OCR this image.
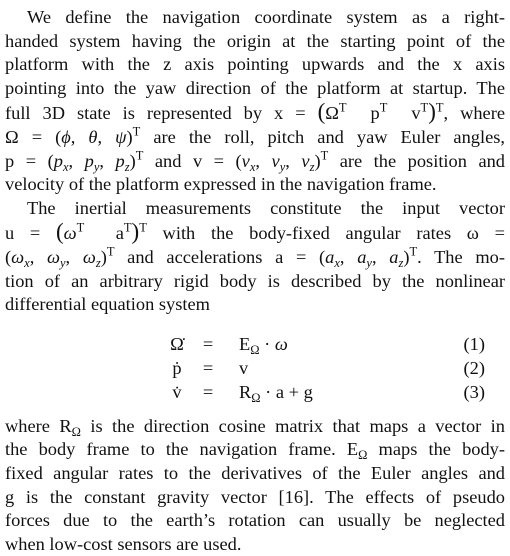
We define the navigation coordinate system as a right-
handed system having the origin at the starting point of the
platform with the z axis pointing upwards and the x axis
pointing into the yaw direction of the platform at startup. The
full 3D state is represented by $x = (\Omega^T$  $p^T$  $v^T)^T$, where
Ω = (ϕ, θ, ψ)$^T$ are the roll, pitch and yaw Euler angles,
$p = (p_x$, $p_y$, $p_z)^T$ and $v = (v_x$, $v_y$, $v_z)^T$ are the position and
velocity of the platform expressed in the navigation frame.

The inertial measurements constitute the input vector
$u = (\omega^T$  $a^T)^T$ with the body-fixed angular rates ω =
($\omega_x$, $\omega_y$, $\omega_z)^T$ and accelerations $a = (a_x$, $a_y$, $a_z)^T$. The mo-
tion of an arbitrary rigid body is described by the nonlinear
differential equation system

Ω̇ = $E_\Omega \cdot \omega$	(1)
ṗ	= v	(2)
v̇	= $R_\Omega \cdot a + g$	(3)

where $R_\Omega$ is the direction cosine matrix that maps a vector in
the body frame to the navigation frame. $E_\Omega$ maps the body-
fixed angular rates to the derivatives of the Euler angles and
g is the constant gravity vector [16]. The effects of pseudo
forces due to the earth’s rotation can usually be neglected
when low-cost sensors are used.
